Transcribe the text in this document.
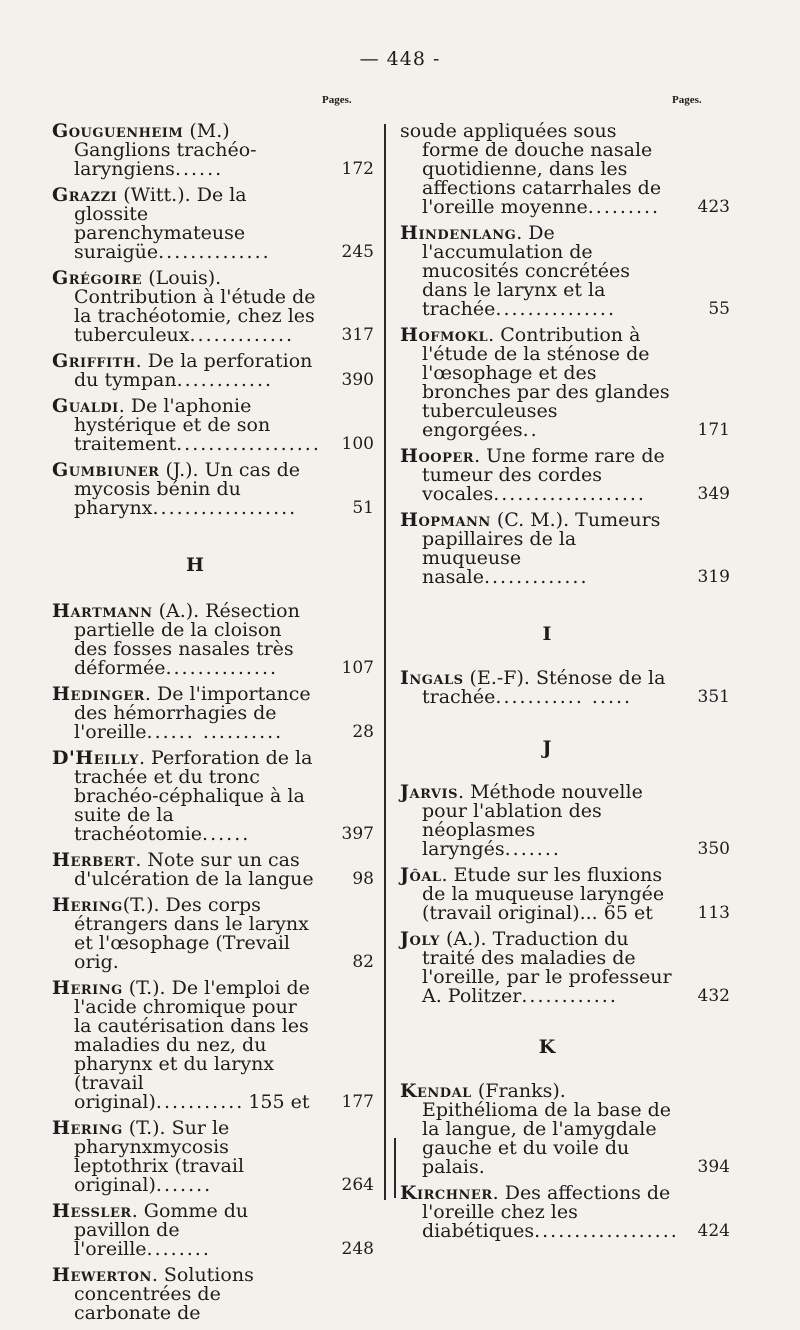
— 448 -
Pages.	Pages.
Gouguenheim (M.) Ganglions trachéo-laryngiens......	172
Grazzi (Witt.). De la glossite parenchymateuse suraigüe..............	245
Grégoire (Louis). Contribution à l'étude de la trachéotomie, chez les tuberculeux.............	317
Griffith. De la perforation du tympan............	390
Gualdi. De l'aphonie hystérique et de son traitement.................. 100
Gumbiuner (J.). Un cas de mycosis bénin du pharynx..................	51
H
Hartmann (A.). Résection partielle de la cloison des fosses nasales très déformée..............	107
Hedinger. De l'importance des hémorrhagies de l'oreille...... ..........	28
D'Heilly. Perforation de la trachée et du tronc brachéo-céphalique à la suite de la trachéotomie......	397
Herbert. Note sur un cas d'ulcération de la langue 98
Hering(T.). Des corps étrangers dans le larynx et l'œsophage (Trevail orig.	82
Hering (T.). De l'emploi de l'acide chromique pour la cautérisation dans les maladies du nez, du pharynx et du larynx (travail original)........... 155 et 177
Hering (T.). Sur le pharynxmycosis leptothrix (travail original).......	264
Hessler. Gomme du pavillon de l'oreille........	248
Hewerton. Solutions concentrées de carbonate de
soude appliquées sous forme de douche nasale quotidienne, dans les affections catarrhales de l'oreille moyenne......... 423
Hindenlang. De l'accumulation de mucosités concrétées dans le larynx et la trachée...............	55
Hofmokl. Contribution à l'étude de la sténose de l'œsophage et des bronches par des glandes tuberculeuses engorgées..	171
Hooper. Une forme rare de tumeur des cordes vocales...................	349
Hopmann (C. M.). Tumeurs papillaires de la muqueuse nasale.............	319
I
Ingals (E.-F). Sténose de la trachée........... .....	351
J
Jarvis. Méthode nouvelle pour l'ablation des néoplasmes laryngés.......	350
Jôal. Etude sur les fluxions de la muqueuse laryngée (travail original)... 65 et	113
Joly (A.). Traduction du traité des maladies de l'oreille, par le professeur A. Politzer............	432
K
Kendal (Franks). Epithélioma de la base de la langue, de l'amygdale gauche et du voile du palais.	394
Kirchner. Des affections de l'oreille chez les diabétiques.................. 424
